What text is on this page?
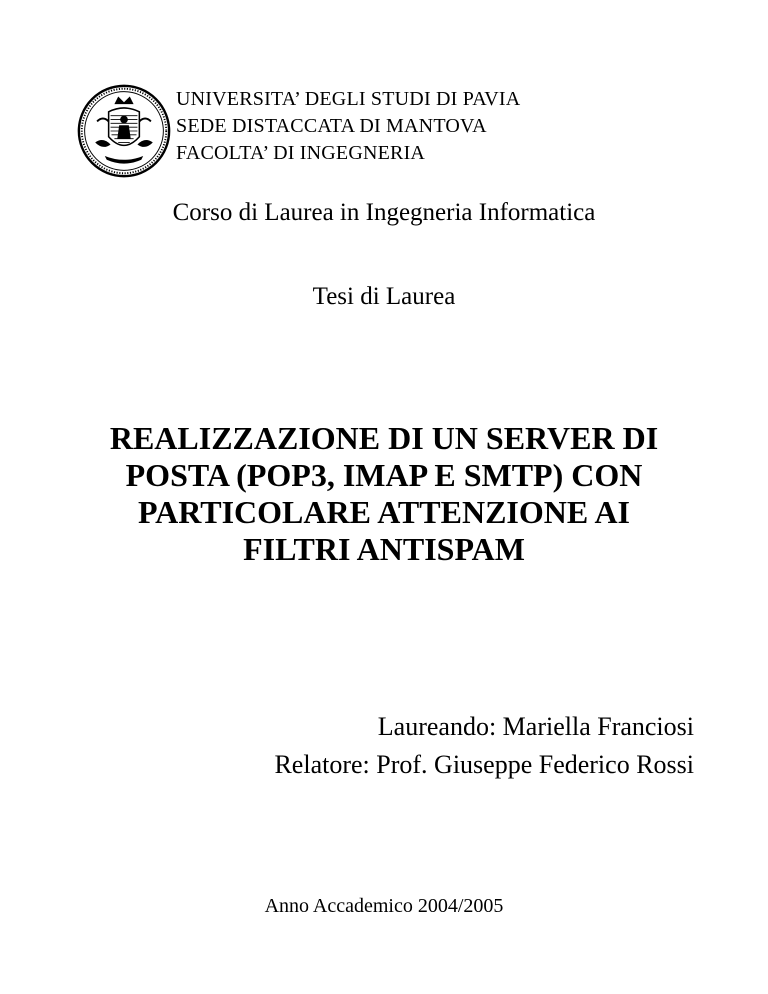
UNIVERSITA’ DEGLI STUDI DI PAVIA
SEDE DISTACCATA DI MANTOVA
FACOLTA’ DI INGEGNERIA
Corso di Laurea in Ingegneria Informatica
Tesi di Laurea
REALIZZAZIONE DI UN SERVER DI
POSTA (POP3, IMAP E SMTP) CON
PARTICOLARE ATTENZIONE AI
FILTRI ANTISPAM
Laureando: Mariella Franciosi
Relatore: Prof. Giuseppe Federico Rossi
Anno Accademico 2004/2005
